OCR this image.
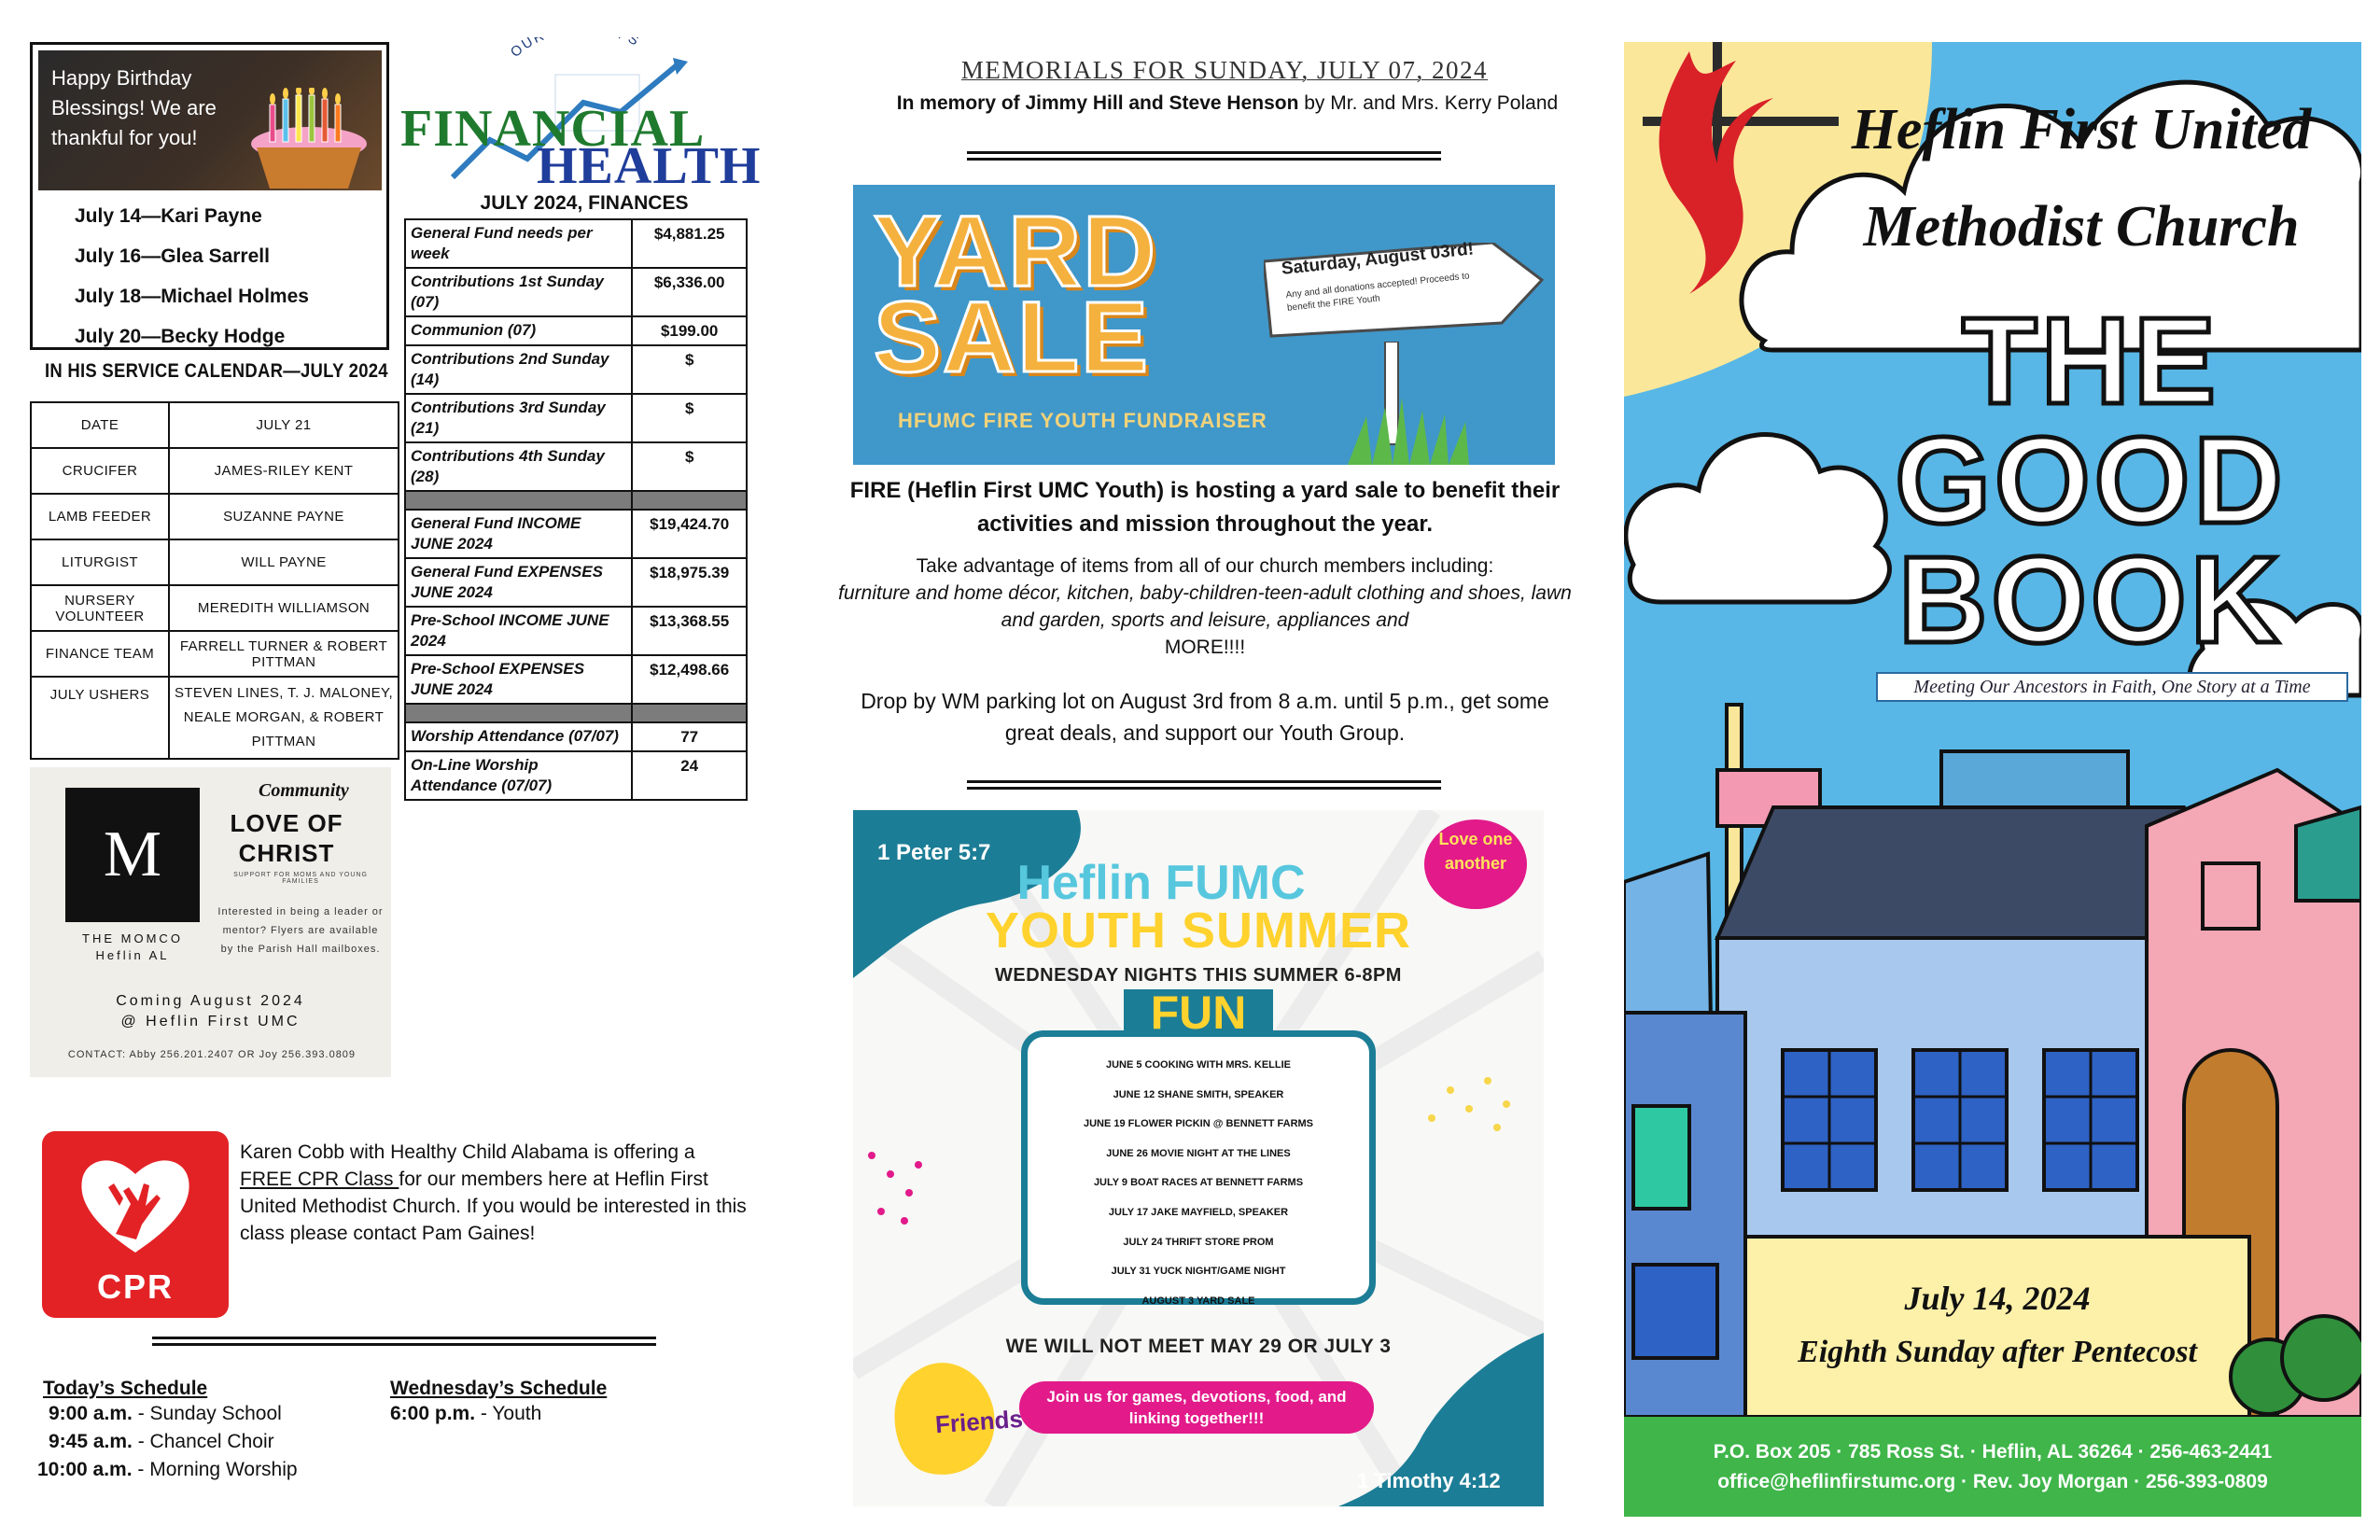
Happy Birthday Blessings! We are thankful for you!
July 14—Kari Payne
July 16—Glea Sarrell
July 18—Michael Holmes
July 20—Becky Hodge
IN HIS SERVICE CALENDAR—JULY 2024
DATE	JULY 21
CRUCIFER	JAMES-RILEY KENT
LAMB FEEDER	SUZANNE PAYNE
LITURGIST	WILL PAYNE
NURSERY VOLUNTEER	MEREDITH WILLIAMSON
FINANCE TEAM	FARRELL TURNER & ROBERT PITTMAN
JULY USHERS	STEVEN LINES, T. J. MALONEY, NEALE MORGAN, & ROBERT PITTMAN
M
THE MOMCO Heflin AL
Community
LOVE OF CHRIST
SUPPORT FOR MOMS AND YOUNG FAMILIES
Interested in being a leader or mentor? Flyers are available by the Parish Hall mailboxes.
Coming August 2024
@ Heflin First UMC
CONTACT: Abby 256.201.2407 OR Joy 256.393.0809
CPR
Karen Cobb with Healthy Child Alabama is offering a FREE CPR Class for our members here at Heflin First United Methodist Church. If you would be interested in this class please contact Pam Gaines!
Today’s Schedule
9:00 a.m. - Sunday School
9:45 a.m. - Chancel Choir
10:00 a.m. - Morning Worship
Wednesday’s Schedule
6:00 p.m. - Youth
OU S
FINANCIAL
HEALTH
JULY 2024, FINANCES
General Fund needs per week	$4,881.25
Contributions 1st Sunday (07)	$6,336.00
Communion (07)	$199.00
Contributions 2nd Sunday (14)	$
Contributions 3rd Sunday (21)	$
Contributions 4th Sunday (28)	$

General Fund INCOME JUNE 2024	$19,424.70
General Fund EXPENSES JUNE 2024	$18,975.39
Pre-School INCOME JUNE 2024	$13,368.55
Pre-School EXPENSES JUNE 2024	$12,498.66

Worship Attendance (07/07)	77
On-Line Worship Attendance (07/07)	24
MEMORIALS FOR SUNDAY, JULY 07, 2024
In memory of Jimmy Hill and Steve Henson by Mr. and Mrs. Kerry Poland
YARD
SALE
HFUMC FIRE YOUTH FUNDRAISER
Saturday, August 03rd!
Any and all donations accepted! Proceeds to benefit the FIRE Youth
FIRE (Heflin First UMC Youth) is hosting a yard sale to benefit their activities and mission throughout the year.
Take advantage of items from all of our church members including:
furniture and home décor, kitchen, baby-children-teen-adult clothing and shoes, lawn and garden, sports and leisure, appliances and
MORE!!!!
Drop by WM parking lot on August 3rd from 8 a.m. until 5 p.m., get some great deals, and support our Youth Group.
1 Peter 5:7
Love one another
Heflin FUMC
YOUTH SUMMER
WEDNESDAY NIGHTS THIS SUMMER 6-8PM
FUN
JUNE 5 COOKING WITH MRS. KELLIE
JUNE 12 SHANE SMITH, SPEAKER
JUNE 19 FLOWER PICKIN @ BENNETT FARMS
JUNE 26 MOVIE NIGHT AT THE LINES
JULY 9 BOAT RACES AT BENNETT FARMS
JULY 17 JAKE MAYFIELD, SPEAKER
JULY 24 THRIFT STORE PROM
JULY 31 YUCK NIGHT/GAME NIGHT
AUGUST 3 YARD SALE
WE WILL NOT MEET MAY 29 OR JULY 3
Join us for games, devotions, food, and linking together!!!
Friends
1 Timothy 4:12
Heflin First United
Methodist Church
THE
GOOD
BOOK
Meeting Our Ancestors in Faith, One Story at a Time
July 14, 2024
Eighth Sunday after Pentecost
P.O. Box 205 · 785 Ross St. · Heflin, AL 36264 · 256-463-2441
office@heflinfirstumc.org · Rev. Joy Morgan · 256-393-0809
